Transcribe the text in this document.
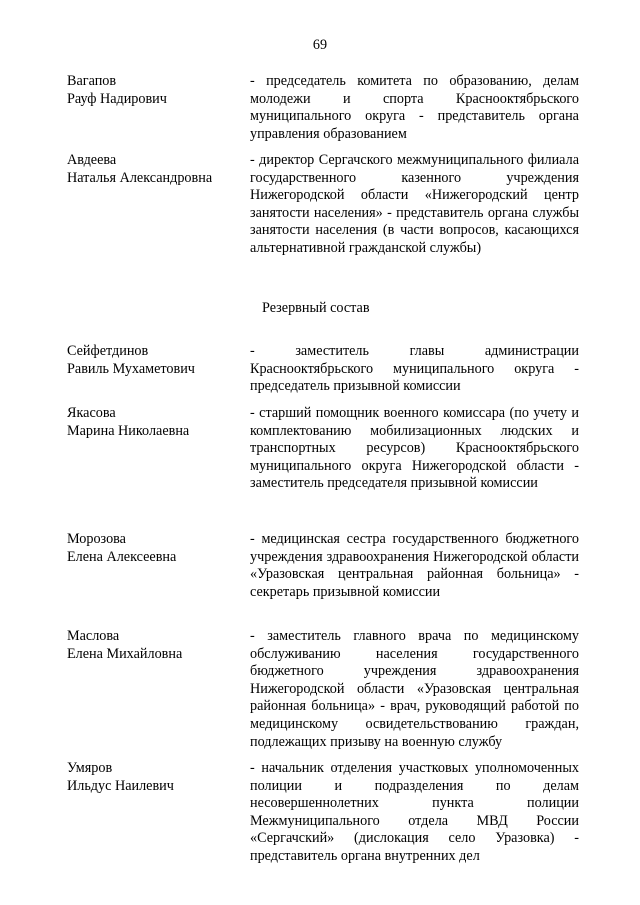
69
Вагапов
Рауф Надирович
- председатель комитета по образованию, делам молодежи и спорта Краснооктябрьского муниципального округа - представитель органа управления образованием
Авдеева
Наталья Александровна
- директор Сергачского межмуниципального филиала государственного казенного учреждения Нижегородской области «Нижегородский центр занятости населения» - представитель органа службы занятости населения (в части вопросов, касающихся альтернативной гражданской службы)
Резервный состав
Сейфетдинов
Равиль Мухаметович
- заместитель главы администрации Краснооктябрьского муниципального округа - председатель призывной комиссии
Якасова
Марина Николаевна
- старший помощник военного комиссара (по учету и комплектованию мобилизационных людских и транспортных ресурсов) Краснооктябрьского муниципального округа Нижегородской области - заместитель председателя призывной комиссии
Морозова
Елена Алексеевна
- медицинская сестра государственного бюджетного учреждения здравоохранения Нижегородской области «Уразовская центральная районная больница» - секретарь призывной комиссии
Маслова
Елена Михайловна
- заместитель главного врача по медицинскому обслуживанию населения государственного бюджетного учреждения здравоохранения Нижегородской области «Уразовская центральная районная больница» - врач, руководящий работой по медицинскому освидетельствованию граждан, подлежащих призыву на военную службу
Умяров
Ильдус Наилевич
- начальник отделения участковых уполномоченных полиции и подразделения по делам несовершеннолетних пункта полиции Межмуниципального отдела МВД России «Сергачский» (дислокация село Уразовка) - представитель органа внутренних дел
